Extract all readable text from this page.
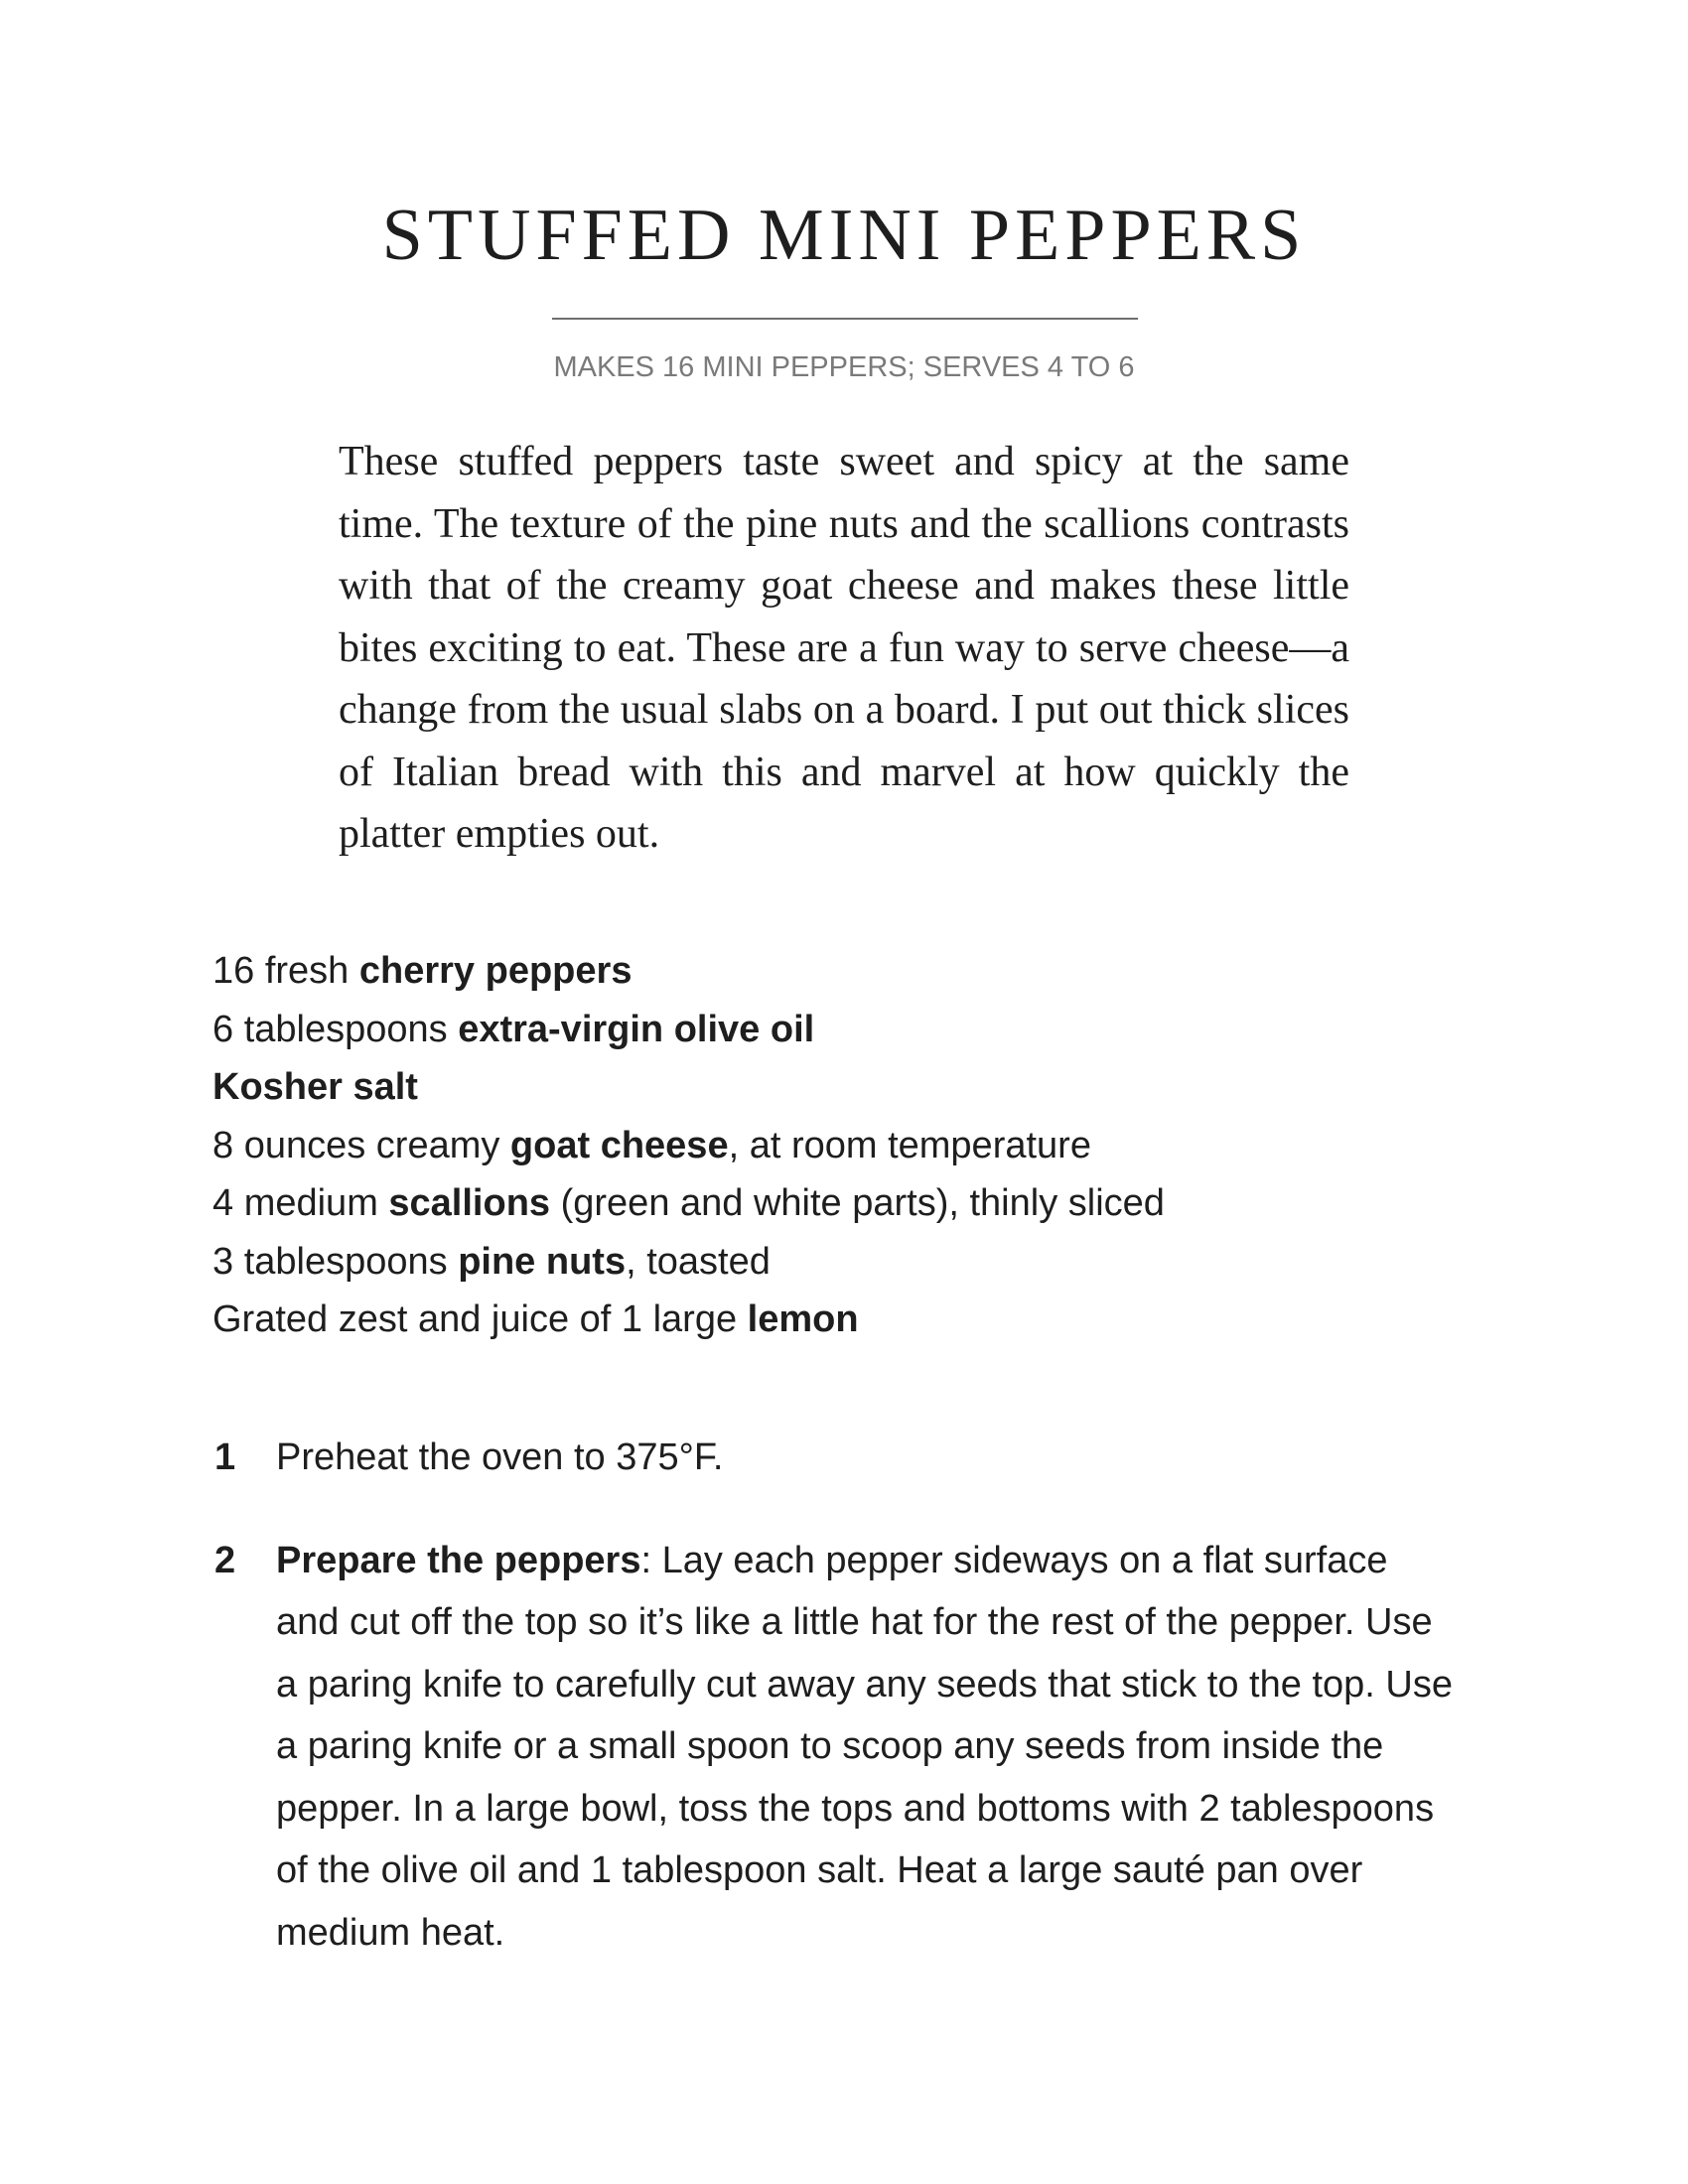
STUFFED MINI PEPPERS
MAKES 16 MINI PEPPERS; SERVES 4 TO 6

These stuffed peppers taste sweet and spicy at the same time. The texture of the pine nuts and the scallions contrasts with that of the creamy goat cheese and makes these little bites exciting to eat. These are a fun way to serve cheese—a change from the usual slabs on a board. I put out thick slices of Italian bread with this and marvel at how quickly the platter empties out.

16 fresh cherry peppers
6 tablespoons extra-virgin olive oil
Kosher salt
8 ounces creamy goat cheese, at room temperature
4 medium scallions (green and white parts), thinly sliced
3 tablespoons pine nuts, toasted
Grated zest and juice of 1 large lemon
1 Preheat the oven to 375°F.
2 Prepare the peppers: Lay each pepper sideways on a flat surface and cut off the top so it’s like a little hat for the rest of the pepper. Use a paring knife to carefully cut away any seeds that stick to the top. Use a paring knife or a small spoon to scoop any seeds from inside the pepper. In a large bowl, toss the tops and bottoms with 2 tablespoons of the olive oil and 1 tablespoon salt. Heat a large sauté pan over medium heat.
